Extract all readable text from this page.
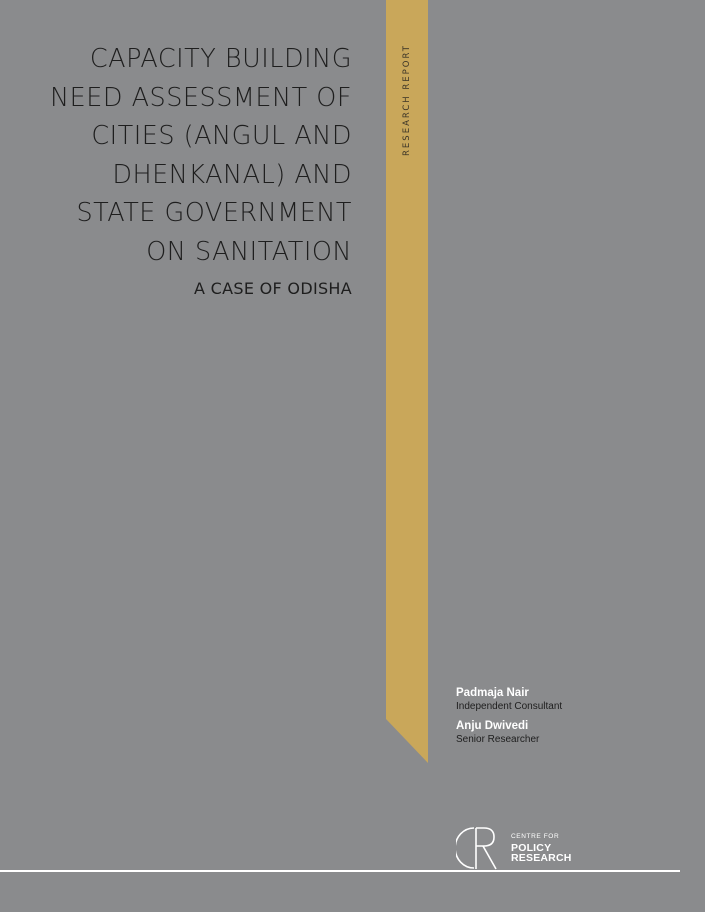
RESEARCH REPORT
CAPACITY BUILDING
NEED ASSESSMENT OF
CITIES (ANGUL AND
DHENKANAL) AND
STATE GOVERNMENT
ON SANITATION
A CASE OF ODISHA
Padmaja Nair
Independent Consultant
Anju Dwivedi
Senior Researcher
CENTRE FOR
POLICY
RESEARCH
